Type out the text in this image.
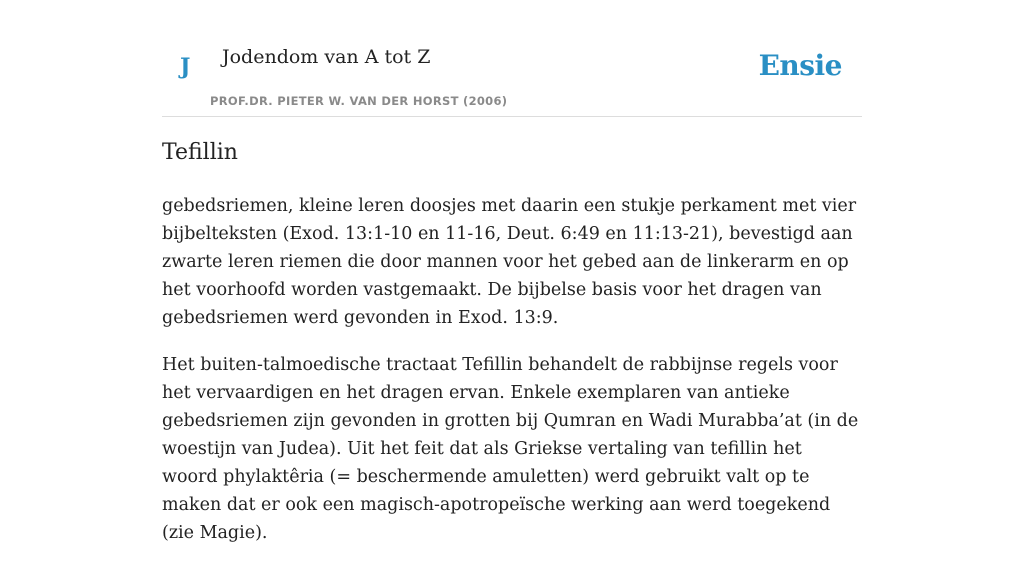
J Jodendom van A tot Z
PROF.DR. PIETER W. VAN DER HORST (2006)
Ensie
Tefillin

gebedsriemen, kleine leren doosjes met daarin een stukje perkament met vier bijbelteksten (Exod. 13:1-10 en 11-16, Deut. 6:49 en 11:13-21), bevestigd aan zwarte leren riemen die door mannen voor het gebed aan de linkerarm en op het voorhoofd worden vastgemaakt. De bijbelse basis voor het dragen van gebedsriemen werd gevonden in Exod. 13:9.

Het buiten-talmoedische tractaat Tefillin behandelt de rabbijnse regels voor het vervaardigen en het dragen ervan. Enkele exemplaren van antieke gebedsriemen zijn gevonden in grotten bij Qumran en Wadi Murabba’at (in de woestijn van Judea). Uit het feit dat als Griekse vertaling van tefillin het woord phylaktêria (= beschermende amuletten) werd gebruikt valt op te maken dat er ook een magisch-apotropeïsche werking aan werd toegekend (zie Magie).
